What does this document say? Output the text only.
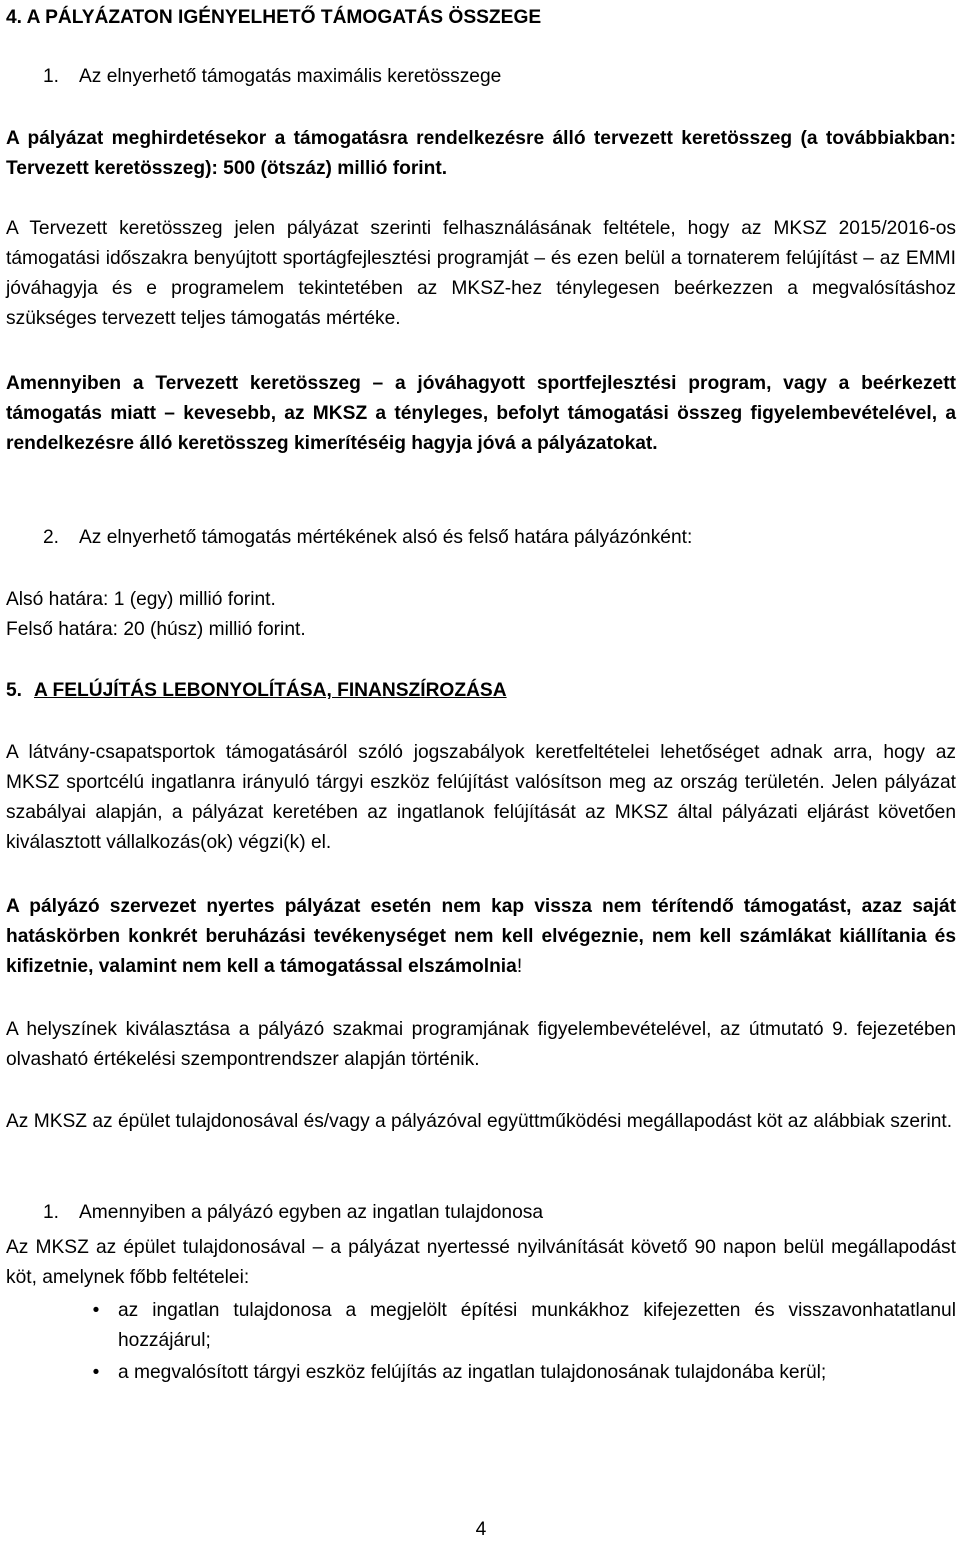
4. A PÁLYÁZATON IGÉNYELHETŐ TÁMOGATÁS ÖSSZEGE
1. Az elnyerhető támogatás maximális keretösszege

A pályázat meghirdetésekor a támogatásra rendelkezésre álló tervezett keretösszeg (a továbbiakban: Tervezett keretösszeg): 500 (ötszáz) millió forint.

A Tervezett keretösszeg jelen pályázat szerinti felhasználásának feltétele, hogy az MKSZ 2015/2016-os támogatási időszakra benyújtott sportágfejlesztési programját – és ezen belül a tornaterem felújítást – az EMMI jóváhagyja és e programelem tekintetében az MKSZ-hez ténylegesen beérkezzen a megvalósításhoz szükséges tervezett teljes támogatás mértéke.

Amennyiben a Tervezett keretösszeg – a jóváhagyott sportfejlesztési program, vagy a beérkezett támogatás miatt – kevesebb, az MKSZ a tényleges, befolyt támogatási összeg figyelembevételével, a rendelkezésre álló keretösszeg kimerítéséig hagyja jóvá a pályázatokat.

2. Az elnyerhető támogatás mértékének alsó és felső határa pályázónként:
Alsó határa: 1 (egy) millió forint.
Felső határa: 20 (húsz) millió forint.
5. A FELÚJÍTÁS LEBONYOLÍTÁSA, FINANSZÍROZÁSA

A látvány-csapatsportok támogatásáról szóló jogszabályok keretfeltételei lehetőséget adnak arra, hogy az MKSZ sportcélú ingatlanra irányuló tárgyi eszköz felújítást valósítson meg az ország területén. Jelen pályázat szabályai alapján, a pályázat keretében az ingatlanok felújítását az MKSZ által pályázati eljárást követően kiválasztott vállalkozás(ok) végzi(k) el.

A pályázó szervezet nyertes pályázat esetén nem kap vissza nem térítendő támogatást, azaz saját hatáskörben konkrét beruházási tevékenységet nem kell elvégeznie, nem kell számlákat kiállítania és kifizetnie, valamint nem kell a támogatással elszámolnia!

A helyszínek kiválasztása a pályázó szakmai programjának figyelembevételével, az útmutató 9. fejezetében olvasható értékelési szempontrendszer alapján történik.

Az MKSZ az épület tulajdonosával és/vagy a pályázóval együttműködési megállapodást köt az alábbiak szerint.

1. Amennyiben a pályázó egyben az ingatlan tulajdonosa

Az MKSZ az épület tulajdonosával – a pályázat nyertessé nyilvánítását követő 90 napon belül megállapodást köt, amelynek főbb feltételei:

• az ingatlan tulajdonosa a megjelölt építési munkákhoz kifejezetten és visszavonhatatlanul hozzájárul;
• a megvalósított tárgyi eszköz felújítás az ingatlan tulajdonosának tulajdonába kerül;
4
